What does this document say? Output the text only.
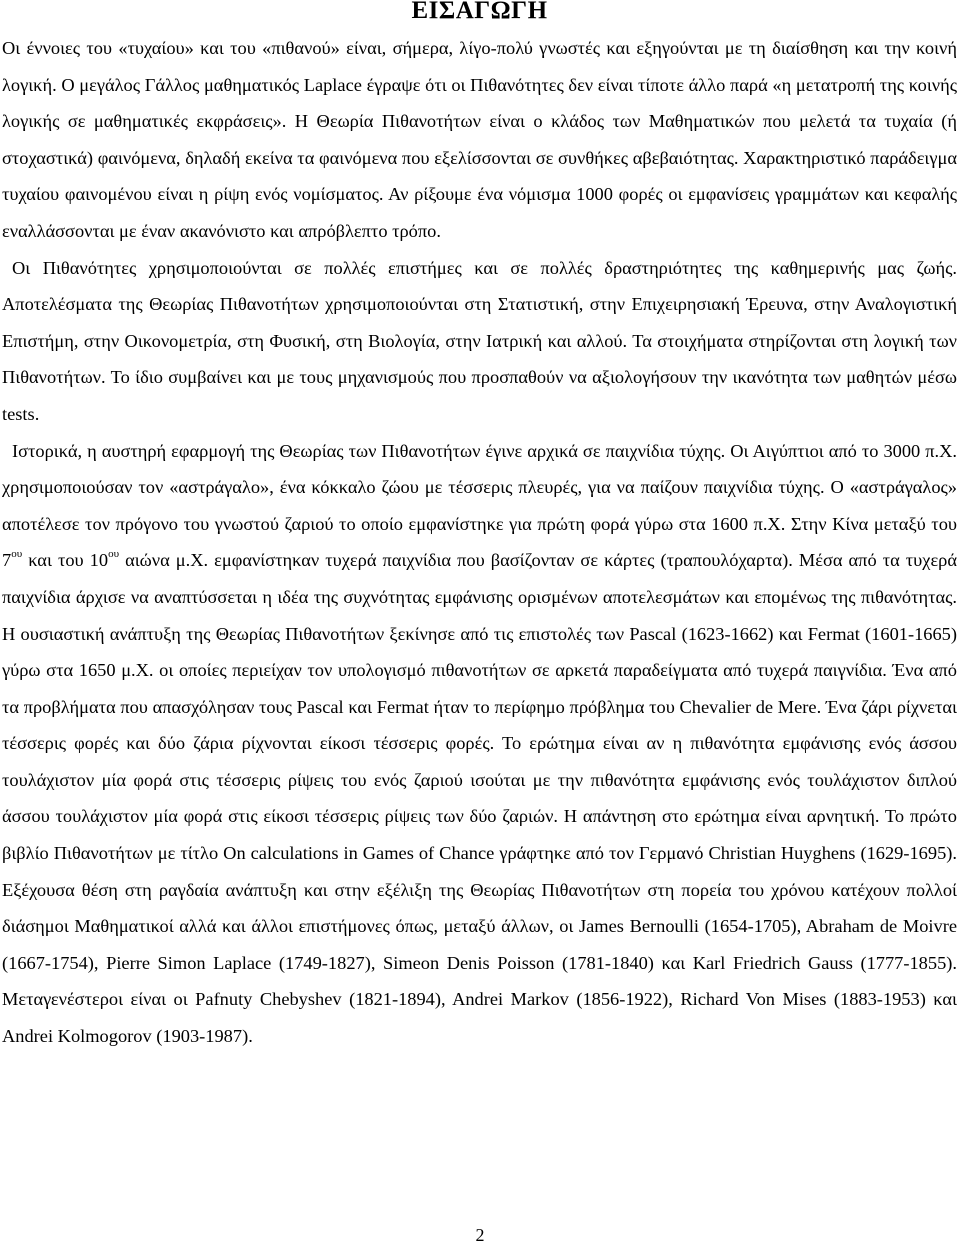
ΕΙΣΑΓΩΓΗ

Οι έννοιες του «τυχαίου» και του «πιθανού» είναι, σήμερα, λίγο-πολύ γνωστές και εξηγούνται με τη διαίσθηση και την κοινή λογική. Ο μεγάλος Γάλλος μαθηματικός Laplace έγραψε ότι οι Πιθανότητες δεν είναι τίποτε άλλο παρά «η μετατροπή της κοινής λογικής σε μαθηματικές εκφράσεις». Η Θεωρία Πιθανοτήτων είναι ο κλάδος των Μαθηματικών που μελετά τα τυχαία (ή στοχαστικά) φαινόμενα, δηλαδή εκείνα τα φαινόμενα που εξελίσσονται σε συνθήκες αβεβαιότητας. Χαρακτηριστικό παράδειγμα τυχαίου φαινομένου είναι η ρίψη ενός νομίσματος. Αν ρίξουμε ένα νόμισμα 1000 φορές οι εμφανίσεις γραμμάτων και κεφαλής εναλλάσσονται με έναν ακανόνιστο και απρόβλεπτο τρόπο.

Οι Πιθανότητες χρησιμοποιούνται σε πολλές επιστήμες και σε πολλές δραστηριότητες της καθημερινής μας ζωής. Αποτελέσματα της Θεωρίας Πιθανοτήτων χρησιμοποιούνται στη Στατιστική, στην Επιχειρησιακή Έρευνα, στην Αναλογιστική Επιστήμη, στην Οικονομετρία, στη Φυσική, στη Βιολογία, στην Ιατρική και αλλού. Τα στοιχήματα στηρίζονται στη λογική των Πιθανοτήτων. Το ίδιο συμβαίνει και με τους μηχανισμούς που προσπαθούν να αξιολογήσουν την ικανότητα των μαθητών μέσω tests.

Ιστορικά, η αυστηρή εφαρμογή της Θεωρίας των Πιθανοτήτων έγινε αρχικά σε παιχνίδια τύχης. Οι Αιγύπτιοι από το 3000 π.Χ. χρησιμοποιούσαν τον «αστράγαλο», ένα κόκκαλο ζώου με τέσσερις πλευρές, για να παίζουν παιχνίδια τύχης. Ο «αστράγαλος» αποτέλεσε τον πρόγονο του γνωστού ζαριού το οποίο εμφανίστηκε για πρώτη φορά γύρω στα 1600 π.Χ. Στην Κίνα μεταξύ του $7^{o\upsilon}$ και του $10^{o\upsilon}$ αιώνα μ.Χ. εμφανίστηκαν τυχερά παιχνίδια που βασίζονταν σε κάρτες (τραπουλόχαρτα). Μέσα από τα τυχερά παιχνίδια άρχισε να αναπτύσσεται η ιδέα της συχνότητας εμφάνισης ορισμένων αποτελεσμάτων και επομένως της πιθανότητας. Η ουσιαστική ανάπτυξη της Θεωρίας Πιθανοτήτων ξεκίνησε από τις επιστολές των Pascal (1623-1662) και Fermat (1601-1665) γύρω στα 1650 μ.Χ. οι οποίες περιείχαν τον υπολογισμό πιθανοτήτων σε αρκετά παραδείγματα από τυχερά παιγνίδια. Ένα από τα προβλήματα που απασχόλησαν τους Pascal και Fermat ήταν το περίφημο πρόβλημα του Chevalier de Mere. Ένα ζάρι ρίχνεται τέσσερις φορές και δύο ζάρια ρίχνονται είκοσι τέσσερις φορές. Το ερώτημα είναι αν η πιθανότητα εμφάνισης ενός άσσου τουλάχιστον μία φορά στις τέσσερις ρίψεις του ενός ζαριού ισούται με την πιθανότητα εμφάνισης ενός τουλάχιστον διπλού άσσου τουλάχιστον μία φορά στις είκοσι τέσσερις ρίψεις των δύο ζαριών. Η απάντηση στο ερώτημα είναι αρνητική. Το πρώτο βιβλίο Πιθανοτήτων με τίτλο On calculations in Games of Chance γράφτηκε από τον Γερμανό Christian Huyghens (1629-1695). Εξέχουσα θέση στη ραγδαία ανάπτυξη και στην εξέλιξη της Θεωρίας Πιθανοτήτων στη πορεία του χρόνου κατέχουν πολλοί διάσημοι Μαθηματικοί αλλά και άλλοι επιστήμονες όπως, μεταξύ άλλων, οι James Bernoulli (1654-1705), Abraham de Moivre (1667-1754), Pierre Simon Laplace (1749-1827), Simeon Denis Poisson (1781-1840) και Karl Friedrich Gauss (1777-1855). Μεταγενέστεροι είναι οι Pafnuty Chebyshev (1821-1894), Andrei Markov (1856-1922), Richard Von Mises (1883-1953) και Andrei Kolmogorov (1903-1987).

2
